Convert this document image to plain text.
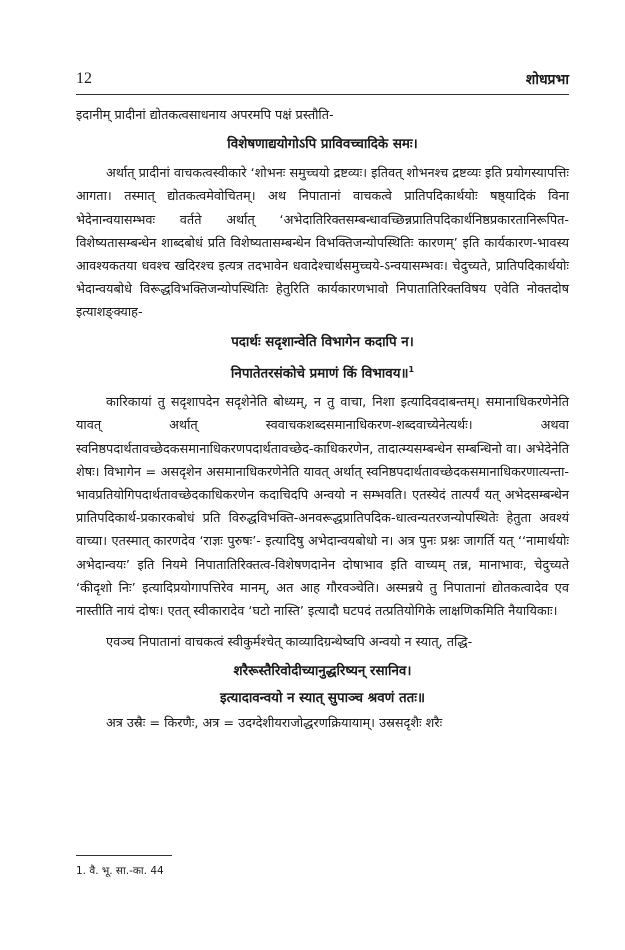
12	शोधप्रभा

इदानीम् प्रादीनां द्योतकत्वसाधनाय अपरमपि पक्षं प्रस्तौति-

विशेषणाद्ययोगोऽपि प्राविवच्चादिके समः।

अर्थात् प्रादीनां वाचकत्वस्वीकारे ‘शोभनः समुच्चयो द्रष्टव्यः। इतिवत् शोभनश्च द्रष्टव्यः इति प्रयोगस्यापत्तिः आगता। तस्मात् द्योतकत्वमेवोचितम्। अथ निपातानां वाचकत्वे प्रातिपदिकार्थयोः षष्ठ्यादिकं विना भेदेनान्वयासम्भवः वर्तते अर्थात् ‘अभेदातिरिक्तसम्बन्धावच्छिन्नप्रातिपदिकार्थनिष्ठप्रकारतानिरूपित-विशेष्यतासम्बन्धेन शाब्दबोधं प्रति विशेष्यतासम्बन्धेन विभक्तिजन्योपस्थितिः कारणम्’ इति कार्यकारण-भावस्य आवश्यकतया धवश्च खदिरश्च इत्यत्र तदभावेन धवादेश्चार्थसमुच्चये-ऽन्वयासम्भवः। चेदुच्यते, प्रातिपदिकार्थयोः भेदान्वयबोधे विरूद्धविभक्तिजन्योपस्थितिः हेतुरिति कार्यकारणभावो निपातातिरिक्तविषय एवेति नोक्तदोष इत्याशङ्क्याह-

पदार्थः सदृशान्वेति विभागेन कदापि न।

निपातेतरसंकोचे प्रमाणं किं विभावय॥$^1$

कारिकायां तु सदृशापदेन सदृशेनेति बोध्यम्, न तु वाचा, निशा इत्यादिवदाबन्तम्। समानाधिकरणेनेति यावत् अर्थात् स्ववाचकशब्दसमानाधिकरण-शब्दवाच्येनेत्यर्थः। अथवा स्वनिष्ठपदार्थतावच्छेदकसमानाधिकरणपदार्थतावच्छेद-काधिकरणेन, तादात्म्यसम्बन्धेन सम्बन्धिनो वा। अभेदेनेति शेषः। विभागेन = असदृशेन असमानाधिकरणेनेति यावत् अर्थात् स्वनिष्ठपदार्थतावच्छेदकसमानाधिकरणात्यन्ता-भावप्रतियोगिपदार्थतावच्छेदकाधिकरणेन कदाचिदपि अन्वयो न सम्भवति। एतस्येदं तात्पर्यं यत् अभेदसम्बन्धेन प्रातिपदिकार्थ-प्रकारकबोधं प्रति विरुद्धविभक्ति-अनवरूद्धप्रातिपदिक-धात्वन्यतरजन्योपस्थितेः हेतुता अवश्यं वाच्या। एतस्मात् कारणदेव ‘राज्ञः पुरुषः’- इत्यादिषु अभेदान्वयबोधो न। अत्र पुनः प्रश्नः जागर्ति यत् ‘‘नामार्थयोः अभेदान्वयः’ इति नियमे निपातातिरिक्तत्व-विशेषणदानेन दोषाभाव इति वाच्यम् तन्न, मानाभावः, चेदुच्यते ‘कीदृशो निः’ इत्यादिप्रयोगापत्तिरेव मानम्, अत आह गौरवञ्चेति। अस्मन्नये तु निपातानां द्योतकत्वादेव एव नास्तीति नायं दोषः। एतत् स्वीकारादेव ‘घटो नास्ति’ इत्यादौ घटपदं तत्प्रतियोगिके लाक्षणिकमिति नैयायिकाः।

एवञ्च निपातानां वाचकत्वं स्वीकुर्मश्चेत् काव्यादिग्रन्थेष्वपि अन्वयो न स्यात्, तद्धि-

शरैरूस्तैरिवोदीच्यानुद्धरिष्यन् रसानिव।

इत्यादावन्वयो न स्यात् सुपाञ्च श्रवणं ततः॥

अत्र उस्रैः = किरणैः, अत्र = उदग्देशीयराजोद्धरणक्रियायाम्। उस्रसदृशैः शरैः

1. वै. भू. सा.-का. 44
